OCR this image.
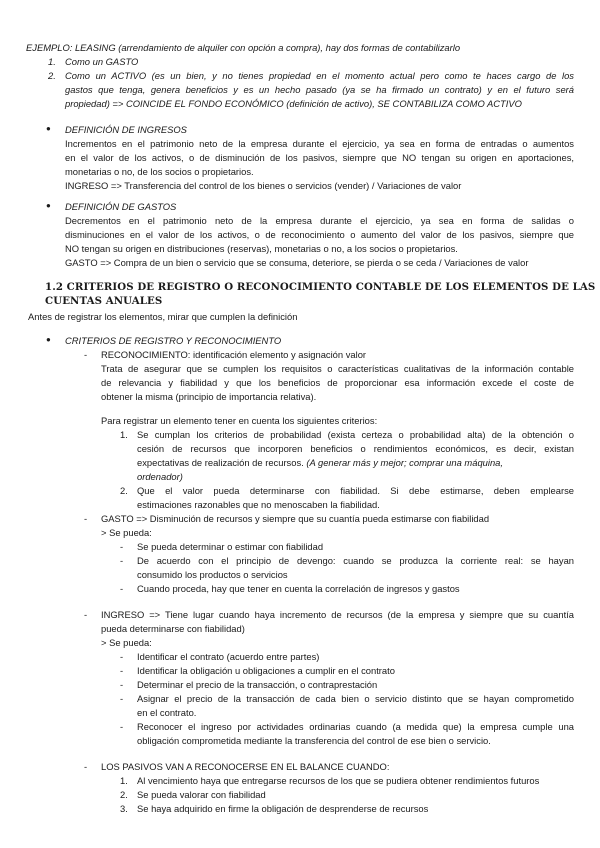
EJEMPLO: LEASING (arrendamiento de alquiler con opción a compra), hay dos formas de contabilizarlo
1. Como un GASTO
2. Como un ACTIVO (es un bien, y no tienes propiedad en el momento actual pero como te haces cargo de los
gastos que tenga, genera beneficios y es un hecho pasado (ya se ha firmado un contrato) y en el futuro será
propiedad) => COINCIDE EL FONDO ECONÓMICO (definición de activo), SE CONTABILIZA COMO ACTIVO
● DEFINICIÓN DE INGRESOS
Incrementos en el patrimonio neto de la empresa durante el ejercicio, ya sea en forma de entradas o aumentos
en el valor de los activos, o de disminución de los pasivos, siempre que NO tengan su origen en aportaciones,
monetarias o no, de los socios o propietarios.
INGRESO => Transferencia del control de los bienes o servicios (vender) / Variaciones de valor
● DEFINICIÓN DE GASTOS
Decrementos en el patrimonio neto de la empresa durante el ejercicio, ya sea en forma de salidas o
disminuciones en el valor de los activos, o de reconocimiento o aumento del valor de los pasivos, siempre que
NO tengan su origen en distribuciones (reservas), monetarias o no, a los socios o propietarios.
GASTO => Compra de un bien o servicio que se consuma, deteriore, se pierda o se ceda / Variaciones de valor
1.2 CRITERIOS DE REGISTRO O RECONOCIMIENTO CONTABLE DE LOS ELEMENTOS DE LAS
CUENTAS ANUALES
Antes de registrar los elementos, mirar que cumplen la definición
● CRITERIOS DE REGISTRO Y RECONOCIMIENTO
- RECONOCIMIENTO: identificación elemento y asignación valor
Trata de asegurar que se cumplen los requisitos o características cualitativas de la información contable
de relevancia y fiabilidad y que los beneficios de proporcionar esa información excede el coste de
obtener la misma (principio de importancia relativa).
Para registrar un elemento tener en cuenta los siguientes criterios:
1. Se cumplan los criterios de probabilidad (exista certeza o probabilidad alta) de la obtención o
cesión de recursos que incorporen beneficios o rendimientos económicos, es decir, existan
expectativas de realización de recursos. (A generar más y mejor; comprar una máquina,
ordenador)
2. Que el valor pueda determinarse con fiabilidad. Si debe estimarse, deben emplearse
estimaciones razonables que no menoscaben la fiabilidad.
- GASTO => Disminución de recursos y siempre que su cuantía pueda estimarse con fiabilidad
> Se pueda:
- Se pueda determinar o estimar con fiabilidad
- De acuerdo con el principio de devengo: cuando se produzca la corriente real: se hayan
consumido los productos o servicios
- Cuando proceda, hay que tener en cuenta la correlación de ingresos y gastos
- INGRESO => Tiene lugar cuando haya incremento de recursos (de la empresa y siempre que su cuantía
pueda determinarse con fiabilidad)
> Se pueda:
- Identificar el contrato (acuerdo entre partes)
- Identificar la obligación u obligaciones a cumplir en el contrato
- Determinar el precio de la transacción, o contraprestación
- Asignar el precio de la transacción de cada bien o servicio distinto que se hayan comprometido
en el contrato.
- Reconocer el ingreso por actividades ordinarias cuando (a medida que) la empresa cumple una
obligación comprometida mediante la transferencia del control de ese bien o servicio.
- LOS PASIVOS VAN A RECONOCERSE EN EL BALANCE CUANDO:
1. Al vencimiento haya que entregarse recursos de los que se pudiera obtener rendimientos futuros
2. Se pueda valorar con fiabilidad
3. Se haya adquirido en firme la obligación de desprenderse de recursos
